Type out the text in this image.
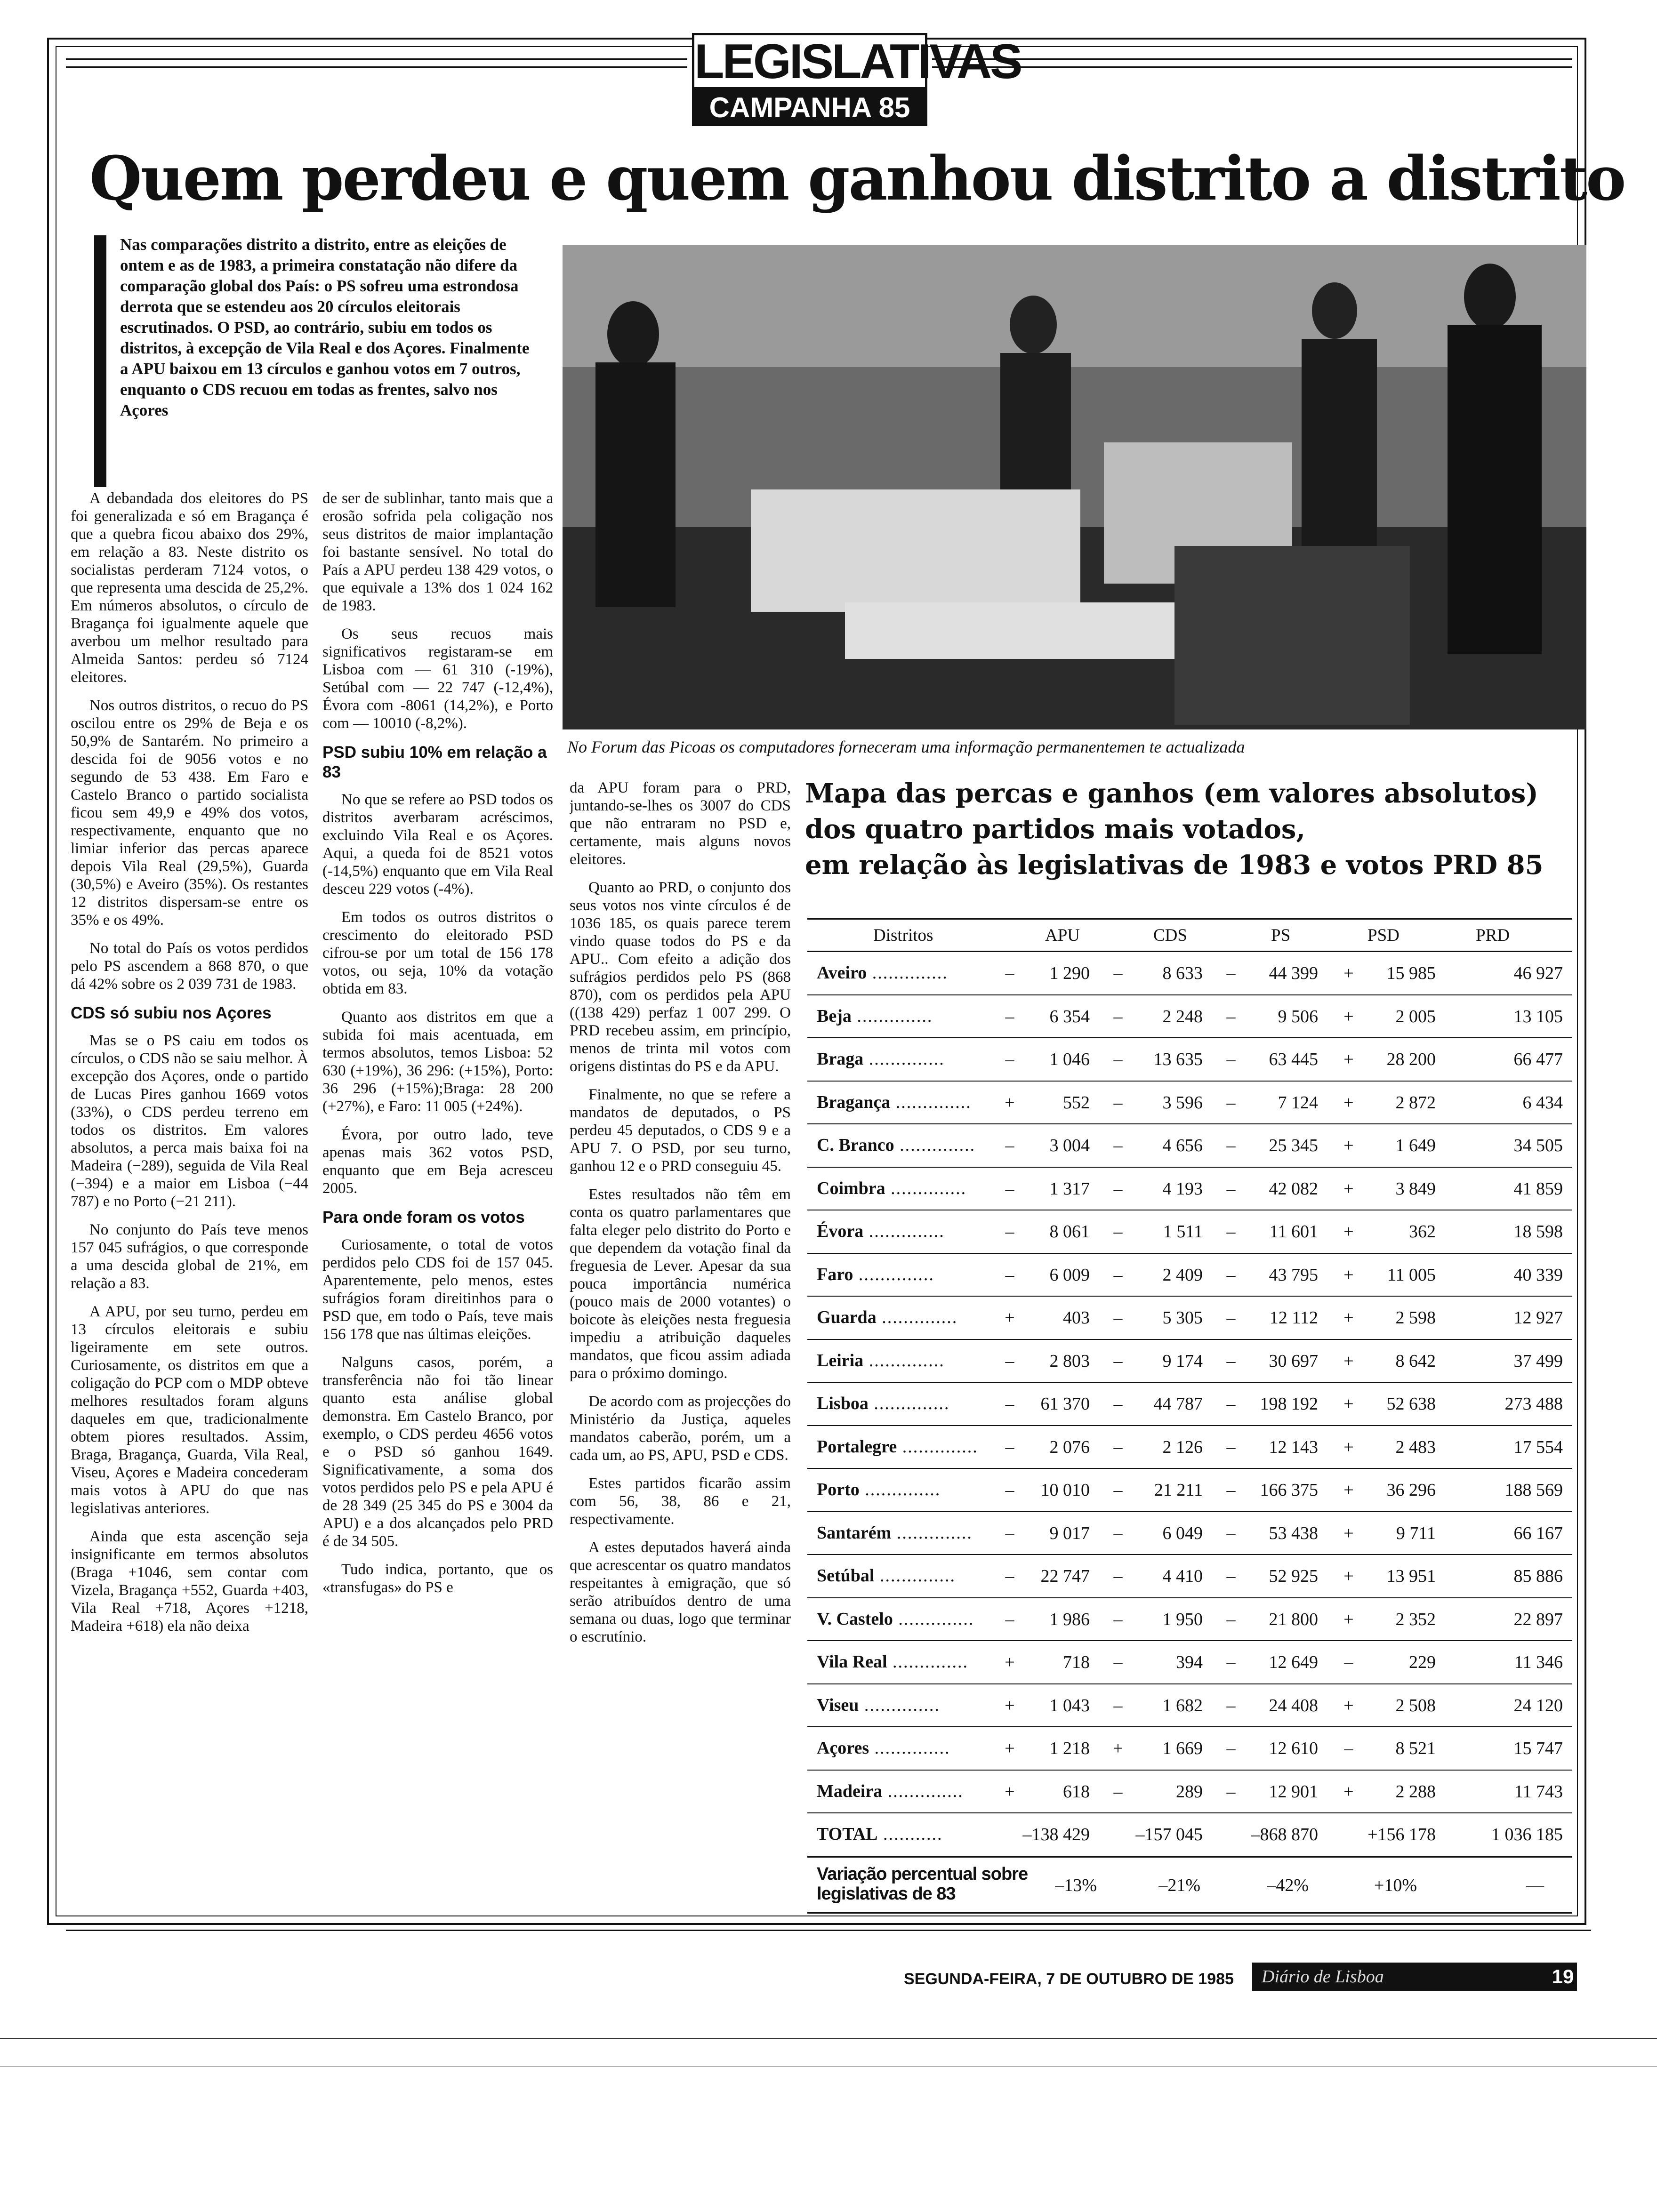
LEGISLATIVAS
CAMPANHA 85
Quem perdeu e quem ganhou distrito a distrito
Nas comparações distrito a distrito, entre as eleições de ontem e as de 1983, a primeira constatação não difere da comparação global dos País: o PS sofreu uma estrondosa derrota que se estendeu aos 20 círculos eleitorais escrutinados. O PSD, ao contrário, subiu em todos os distritos, à excepção de Vila Real e dos Açores. Finalmente a APU baixou em 13 círculos e ganhou votos em 7 outros, enquanto o CDS recuou em todas as frentes, salvo nos Açores

A debandada dos eleitores do PS foi generalizada e só em Bragança é que a quebra ficou abaixo dos 29%, em relação a 83. Neste distrito os socialistas perderam 7124 votos, o que representa uma descida de 25,2%. Em números absolutos, o círculo de Bragança foi igualmente aquele que averbou um melhor resultado para Almeida Santos: perdeu só 7124 eleitores.

Nos outros distritos, o recuo do PS oscilou entre os 29% de Beja e os 50,9% de Santarém. No primeiro a descida foi de 9056 votos e no segundo de 53 438. Em Faro e Castelo Branco o partido socialista ficou sem 49,9 e 49% dos votos, respectivamente, enquanto que no limiar inferior das percas aparece depois Vila Real (29,5%), Guarda (30,5%) e Aveiro (35%). Os restantes 12 distritos dispersam-se entre os 35% e os 49%.

No total do País os votos perdidos pelo PS ascendem a 868 870, o que dá 42% sobre os 2 039 731 de 1983.

CDS só subiu nos Açores

Mas se o PS caiu em todos os círculos, o CDS não se saiu melhor. À excepção dos Açores, onde o partido de Lucas Pires ganhou 1669 votos (33%), o CDS perdeu terreno em todos os distritos. Em valores absolutos, a perca mais baixa foi na Madeira (−289), seguida de Vila Real (−394) e a maior em Lisboa (−44 787) e no Porto (−21 211).

No conjunto do País teve menos 157 045 sufrágios, o que corresponde a uma descida global de 21%, em relação a 83.

A APU, por seu turno, perdeu em 13 círculos eleitorais e subiu ligeiramente em sete outros. Curiosamente, os distritos em que a coligação do PCP com o MDP obteve melhores resultados foram alguns daqueles em que, tradicionalmente obtem piores resultados. Assim, Braga, Bragança, Guarda, Vila Real, Viseu, Açores e Madeira concederam mais votos à APU do que nas legislativas anteriores.

Ainda que esta ascenção seja insignificante em termos absolutos (Braga +1046, sem contar com Vizela, Bragança +552, Guarda +403, Vila Real +718, Açores +1218, Madeira +618) ela não deixa

de ser de sublinhar, tanto mais que a erosão sofrida pela coligação nos seus distritos de maior implantação foi bastante sensível. No total do País a APU perdeu 138 429 votos, o que equivale a 13% dos 1 024 162 de 1983.

Os seus recuos mais significativos registaram-se em Lisboa com — 61 310 (-19%), Setúbal com — 22 747 (-12,4%), Évora com -8061 (14,2%), e Porto com — 10010 (-8,2%).

PSD subiu 10% em relação a 83

No que se refere ao PSD todos os distritos averbaram acréscimos, excluindo Vila Real e os Açores. Aqui, a queda foi de 8521 votos (-14,5%) enquanto que em Vila Real desceu 229 votos (-4%).

Em todos os outros distritos o crescimento do eleitorado PSD cifrou-se por um total de 156 178 votos, ou seja, 10% da votação obtida em 83.

Quanto aos distritos em que a subida foi mais acentuada, em termos absolutos, temos Lisboa: 52 630 (+19%), 36 296: (+15%), Porto: 36 296 (+15%);Braga: 28 200 (+27%), e Faro: 11 005 (+24%).

Évora, por outro lado, teve apenas mais 362 votos PSD, enquanto que em Beja acresceu 2005.

Para onde foram os votos

Curiosamente, o total de votos perdidos pelo CDS foi de 157 045. Aparentemente, pelo menos, estes sufrágios foram direitinhos para o PSD que, em todo o País, teve mais 156 178 que nas últimas eleições.

Nalguns casos, porém, a transferência não foi tão linear quanto esta análise global demonstra. Em Castelo Branco, por exemplo, o CDS perdeu 4656 votos e o PSD só ganhou 1649. Significativamente, a soma dos votos perdidos pelo PS e pela APU é de 28 349 (25 345 do PS e 3004 da APU) e a dos alcançados pelo PRD é de 34 505.

Tudo indica, portanto, que os «transfugas» do PS e

da APU foram para o PRD, juntando-se-lhes os 3007 do CDS que não entraram no PSD e, certamente, mais alguns novos eleitores.

Quanto ao PRD, o conjunto dos seus votos nos vinte círculos é de 1036 185, os quais parece terem vindo quase todos do PS e da APU.. Com efeito a adição dos sufrágios perdidos pelo PS (868 870), com os perdidos pela APU ((138 429) perfaz 1 007 299. O PRD recebeu assim, em princípio, menos de trinta mil votos com origens distintas do PS e da APU.

Finalmente, no que se refere a mandatos de deputados, o PS perdeu 45 deputados, o CDS 9 e a APU 7. O PSD, por seu turno, ganhou 12 e o PRD conseguiu 45.

Estes resultados não têm em conta os quatro parlamentares que falta eleger pelo distrito do Porto e que dependem da votação final da freguesia de Lever. Apesar da sua pouca importância numérica (pouco mais de 2000 votantes) o boicote às eleições nesta freguesia impediu a atribuição daqueles mandatos, que ficou assim adiada para o próximo domingo.

De acordo com as projecções do Ministério da Justiça, aqueles mandatos caberão, porém, um a cada um, ao PS, APU, PSD e CDS.

Estes partidos ficarão assim com 56, 38, 86 e 21, respectivamente.

A estes deputados haverá ainda que acrescentar os quatro mandatos respeitantes à emigração, que só serão atribuídos dentro de uma semana ou duas, logo que terminar o escrutínio.

No Forum das Picoas os computadores forneceram uma informação permanentemen te actualizada
Mapa das percas e ganhos (em valores absolutos)
dos quatro partidos mais votados,
em relação às legislativas de 1983 e votos PRD 85
Distritos	APU	CDS	PS	PSD	PRD
Aveiro ..............	– 1 290 – 8 633 – 44 399 + 15 985	46 927
Beja ..............	– 6 354 – 2 248 – 9 506 + 2 005	13 105
Braga ..............	– 1 046 – 13 635 – 63 445 + 28 200	66 477
Bragança .............. +	552 – 3 596 – 7 124 + 2 872	6 434
C. Branco .............. – 3 004 – 4 656 – 25 345 + 1 649	34 505
Coimbra .............. – 1 317 – 4 193 – 42 082 + 3 849	41 859
Évora ..............	– 8 061 – 1 511 – 11 601 +	362	18 598
Faro ..............	– 6 009 – 2 409 – 43 795 + 11 005	40 339
Guarda ..............	+	403 – 5 305 – 12 112 + 2 598	12 927
Leiria ..............	– 2 803 – 9 174 – 30 697 + 8 642	37 499
Lisboa ..............	– 61 370 – 44 787 – 198 192 + 52 638	273 488
Portalegre .............. – 2 076 – 2 126 – 12 143 + 2 483	17 554
Porto ..............	– 10 010 – 21 211 – 166 375 + 36 296	188 569
Santarém .............. – 9 017 – 6 049 – 53 438 + 9 711	66 167
Setúbal ..............	– 22 747 – 4 410 – 52 925 + 13 951	85 886
V. Castelo .............. – 1 986 – 1 950 – 21 800 + 2 352	22 897
Vila Real .............. +	718 –	394 – 12 649 –	229	11 346
Viseu ..............	+ 1 043 – 1 682 – 24 408 + 2 508	24 120
Açores ..............	+ 1 218 + 1 669 – 12 610 – 8 521	15 747
Madeira .............. +	618 –	289 – 12 901 + 2 288	11 743
TOTAL ...........	–138 429	–157 045	–868 870	+156 178	1 036 185
Variação percentual sobre legislativas de 83	–13%	–21%	–42%	+10%	—
SEGUNDA-FEIRA, 7 DE OUTUBRO DE 1985	Diário de Lisboa	19
